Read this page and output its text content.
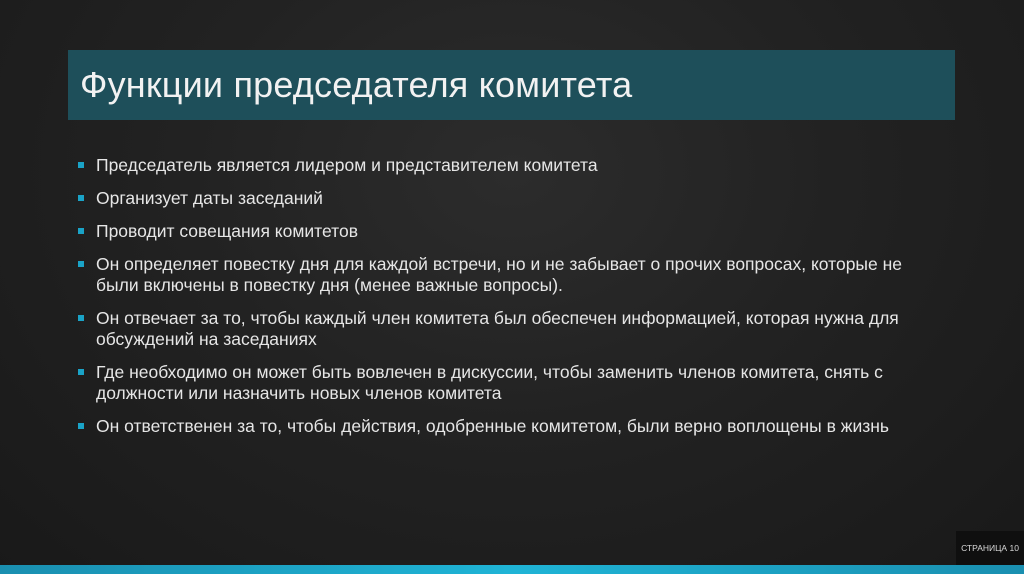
Функции председателя комитета
Председатель является лидером и представителем комитета
Организует даты заседаний
Проводит совещания комитетов
Он определяет повестку дня для каждой встречи, но и не забывает о прочих вопросах, которые не были включены в повестку дня (менее важные вопросы).
Он отвечает за то, чтобы каждый член комитета был обеспечен информацией, которая нужна для обсуждений на заседаниях
Где необходимо он может быть вовлечен в дискуссии, чтобы заменить членов комитета, снять с должности или назначить новых членов комитета
Он ответственен за то, чтобы действия, одобренные комитетом, были верно воплощены в жизнь
СТРАНИЦА 10
